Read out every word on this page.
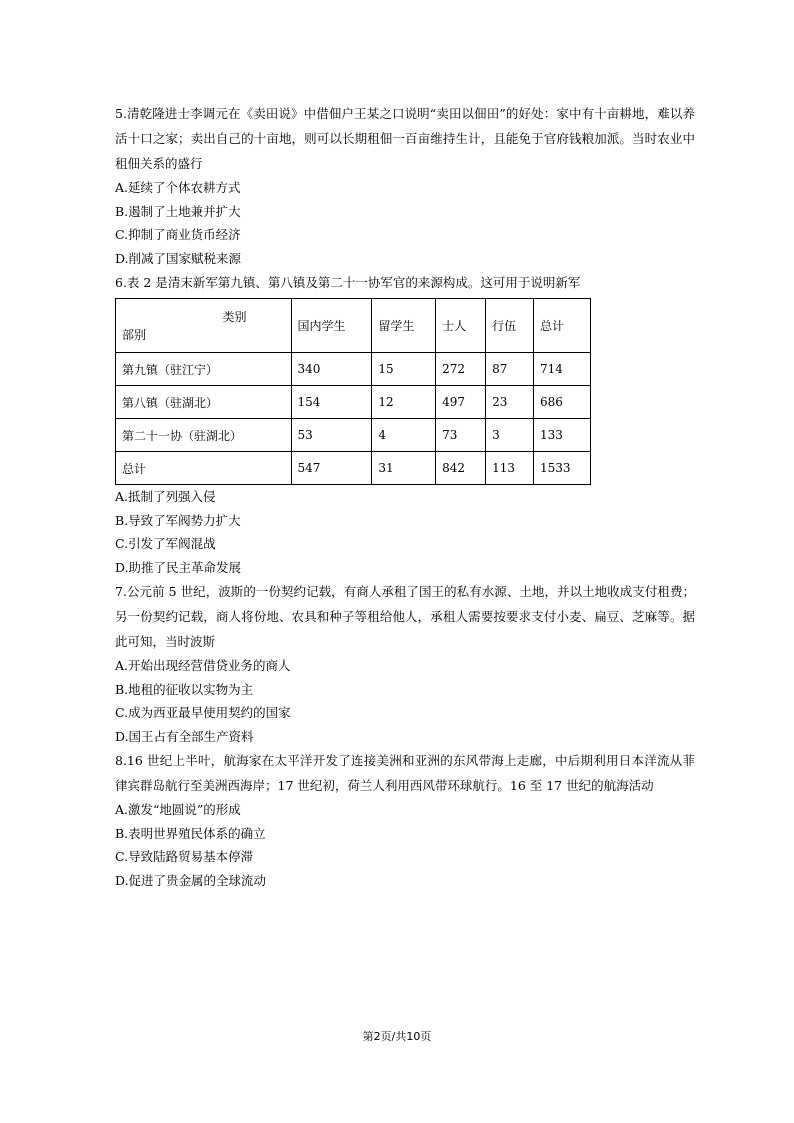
5.清乾隆进士李调元在《卖田说》中借佃户王某之口说明“卖田以佃田”的好处：家中有十亩耕地，难以养活十口之家；卖出自己的十亩地，则可以长期租佃一百亩维持生计，且能免于官府钱粮加派。当时农业中租佃关系的盛行
A.延续了个体农耕方式
B.遏制了土地兼并扩大
C.抑制了商业货币经济
D.削减了国家赋税来源
6.表 2 是清末新军第九镇、第八镇及第二十一协军官的来源构成。这可用于说明新军
类别
部别	国内学生	留学生	士人	行伍	总计
第九镇（驻江宁）	340	15	272	87	714
第八镇（驻湖北）	154	12	497	23	686
第二十一协（驻湖北）	53	4	73	3	133
总计	547	31	842	113	1533
A.抵制了列强入侵
B.导致了军阀势力扩大
C.引发了军阀混战
D.助推了民主革命发展
7.公元前 5 世纪，波斯的一份契约记载，有商人承租了国王的私有水源、土地，并以土地收成支付租费；另一份契约记载，商人将份地、农具和种子等租给他人，承租人需要按要求支付小麦、扁豆、芝麻等。据此可知，当时波斯
A.开始出现经营借贷业务的商人
B.地租的征收以实物为主
C.成为西亚最早使用契约的国家
D.国王占有全部生产资料
8.16 世纪上半叶，航海家在太平洋开发了连接美洲和亚洲的东风带海上走廊，中后期利用日本洋流从菲律宾群岛航行至美洲西海岸；17 世纪初，荷兰人利用西风带环球航行。16 至 17 世纪的航海活动
A.激发“地圆说”的形成
B.表明世界殖民体系的确立
C.导致陆路贸易基本停滞
D.促进了贵金属的全球流动
第2页/共10页
